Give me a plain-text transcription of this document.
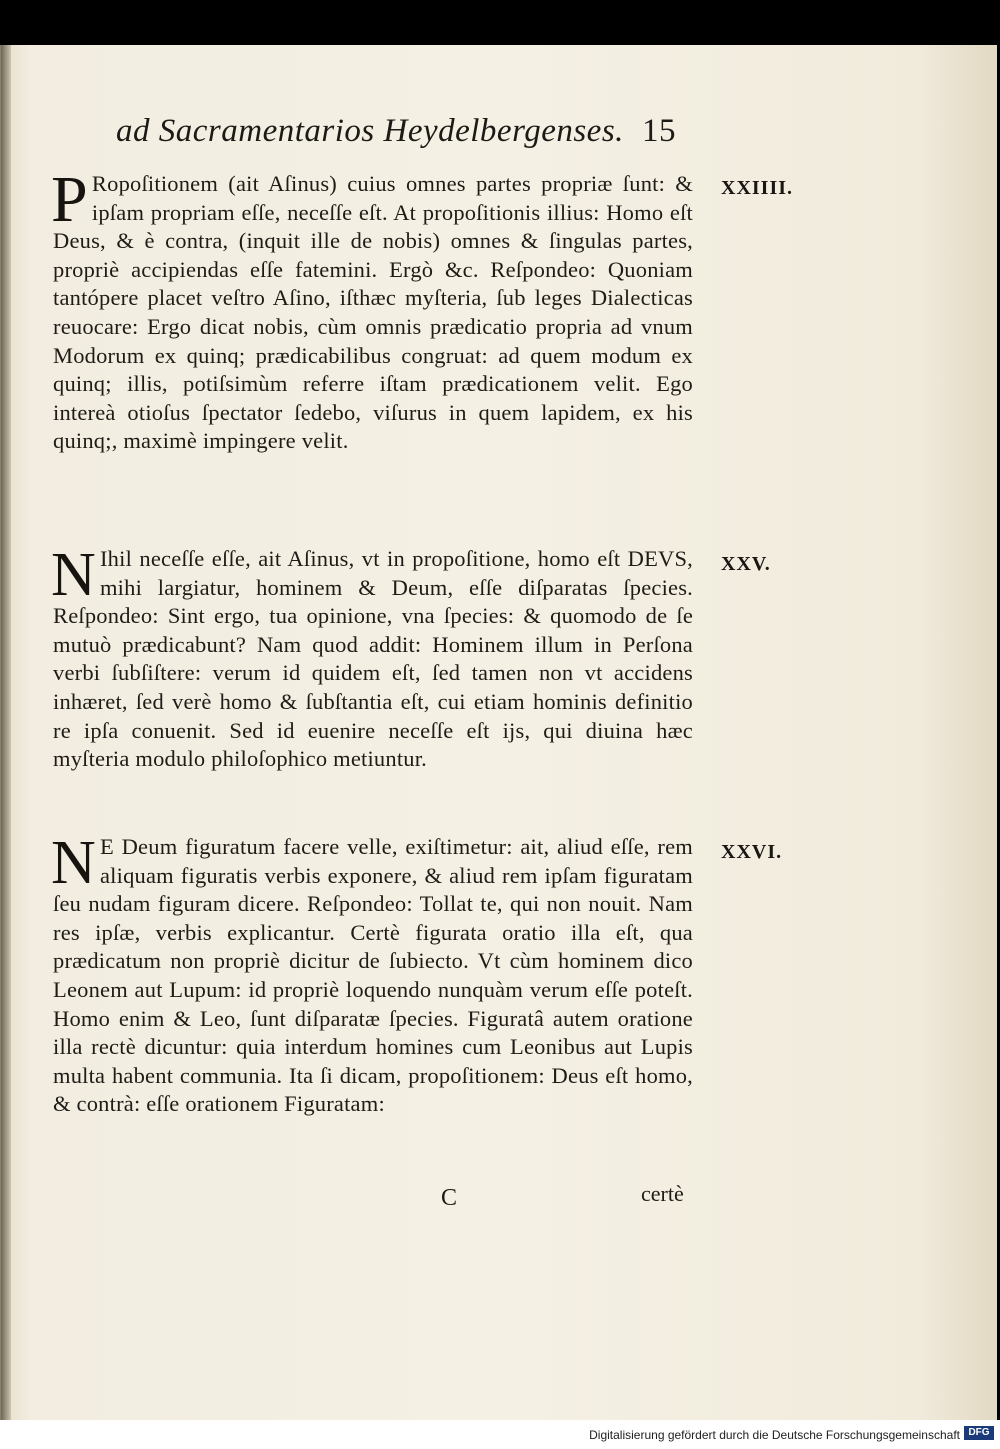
ad Sacramentarios Heydelbergenses. 15
XXIIII.

P Ropoſitionem (ait Aſinus) cuius omnes partes propriæ ſunt: & ipſam propriam eſſe, neceſſe eſt. At propoſitionis illius: Homo eſt Deus, & è contra, (inquit ille de nobis) omnes & ſingulas partes, propriè accipiendas eſſe fatemini. Ergò &c. Reſpondeo: Quoniam tantópere placet veſtro Aſino, iſthæc myſteria, ſub leges Dialecticas reuocare: Ergo dicat nobis, cùm omnis prædicatio propria ad vnum Modorum ex quinq; prædicabilibus congruat: ad quem modum ex quinq; illis, potiſsimùm referre iſtam prædicationem velit. Ego intereà otioſus ſpectator ſedebo, viſurus in quem lapidem, ex his quinq;, maximè impingere velit.

XXV.

N Ihil neceſſe eſſe, ait Aſinus, vt in propoſitione, homo eſt DEVS, mihi largiatur, hominem & Deum, eſſe diſparatas ſpecies. Reſpondeo: Sint ergo, tua opinione, vna ſpecies: & quomodo de ſe mutuò prædicabunt? Nam quod addit: Hominem illum in Perſona verbi ſubſiſtere: verum id quidem eſt, ſed tamen non vt accidens inhæret, ſed verè homo & ſubſtantia eſt, cui etiam hominis definitio re ipſa conuenit. Sed id euenire neceſſe eſt ijs, qui diuina hæc myſteria modulo philoſophico metiuntur.

XXVI.

N E Deum figuratum facere velle, exiſtimetur: ait, aliud eſſe, rem aliquam figuratis verbis exponere, & aliud rem ipſam figuratam ſeu nudam figuram dicere. Reſpondeo: Tollat te, qui non nouit. Nam res ipſæ, verbis explicantur. Certè figurata oratio illa eſt, qua prædicatum non propriè dicitur de ſubiecto. Vt cùm hominem dico Leonem aut Lupum: id propriè loquendo nunquàm verum eſſe poteſt. Homo enim & Leo, ſunt diſparatæ ſpecies. Figuratâ autem oratione illa rectè dicuntur: quia interdum homines cum Leonibus aut Lupis multa habent communia. Ita ſi dicam, propoſitionem: Deus eſt homo, & contrà: eſſe orationem Figuratam:

C	certè
Digitalisierung gefördert durch die Deutsche Forschungsgemeinschaft DFG
